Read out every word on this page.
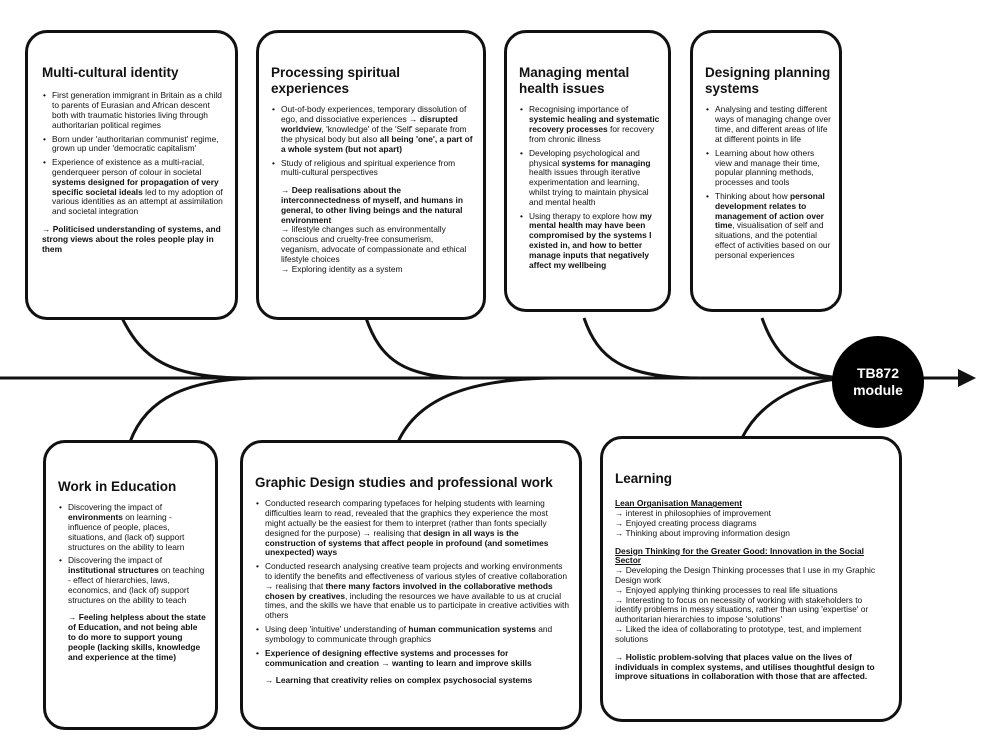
TB872
module
Multi-cultural identity
• First generation immigrant in Britain as a child to parents of Eurasian and African descent both with traumatic histories living through authoritarian political regimes
• Born under 'authoritarian communist' regime, grown up under 'democratic capitalism'
• Experience of existence as a multi-racial, genderqueer person of colour in societal systems designed for propagation of very specific societal ideals led to my adoption of various identities as an attempt at assimilation and societal integration

→ Politicised understanding of systems, and strong views about the roles people play in them

Processing spiritual experiences
• Out-of-body experiences, temporary dissolution of ego, and dissociative experiences → disrupted worldview, 'knowledge' of the 'Self' separate from the physical body but also all being 'one', a part of a whole system (but not apart)
• Study of religious and spiritual experience from multi-cultural perspectives

→ Deep realisations about the interconnectedness of myself, and humans in general, to other living beings and the natural environment

→ lifestyle changes such as environmentally conscious and cruelty-free consumerism, veganism, advocate of compassionate and ethical lifestyle choices

→ Exploring identity as a system

Managing mental health issues
• Recognising importance of systemic healing and systematic recovery processes for recovery from chronic illness
• Developing psychological and physical systems for managing health issues through iterative experimentation and learning, whilst trying to maintain physical and mental health
• Using therapy to explore how my mental health may have been compromised by the systems I existed in, and how to better manage inputs that negatively affect my wellbeing
Designing planning systems
• Analysing and testing different ways of managing change over time, and different areas of life at different points in life
• Learning about how others view and manage their time, popular planning methods, processes and tools
• Thinking about how personal development relates to management of action over time, visualisation of self and situations, and the potential effect of activities based on our personal experiences
Work in Education
• Discovering the impact of environments on learning - influence of people, places, situations, and (lack of) support structures on the ability to learn
• Discovering the impact of institutional structures on teaching - effect of hierarchies, laws, economics, and (lack of) support structures on the ability to teach

→ Feeling helpless about the state of Education, and not being able to do more to support young people (lacking skills, knowledge and experience at the time)

Graphic Design studies and professional work
• Conducted research comparing typefaces for helping students with learning difficulties learn to read, revealed that the graphics they experience the most might actually be the easiest for them to interpret (rather than fonts specially designed for the purpose) → realising that design in all ways is the construction of systems that affect people in profound (and sometimes unexpected) ways
• Conducted research analysing creative team projects and working environments to identify the benefits and effectiveness of various styles of creative collaboration → realising that there many factors involved in the collaborative methods chosen by creatives, including the resources we have available to us at crucial times, and the skills we have that enable us to participate in creative activities with others
• Using deep 'intuitive' understanding of human communication systems and symbology to communicate through graphics
• Experience of designing effective systems and processes for communication and creation → wanting to learn and improve skills

→ Learning that creativity relies on complex psychosocial systems

Learning

Lean Organisation Management

→ interest in philosophies of improvement

→ Enjoyed creating process diagrams

→ Thinking about improving information design

Design Thinking for the Greater Good: Innovation in the Social Sector

→ Developing the Design Thinking processes that I use in my Graphic Design work

→ Enjoyed applying thinking processes to real life situations

→ Interesting to focus on necessity of working with stakeholders to identify problems in messy situations, rather than using 'expertise' or authoritarian hierarchies to impose 'solutions'

→ Liked the idea of collaborating to prototype, test, and implement solutions

→ Holistic problem-solving that places value on the lives of individuals in complex systems, and utilises thoughtful design to improve situations in collaboration with those that are affected.
